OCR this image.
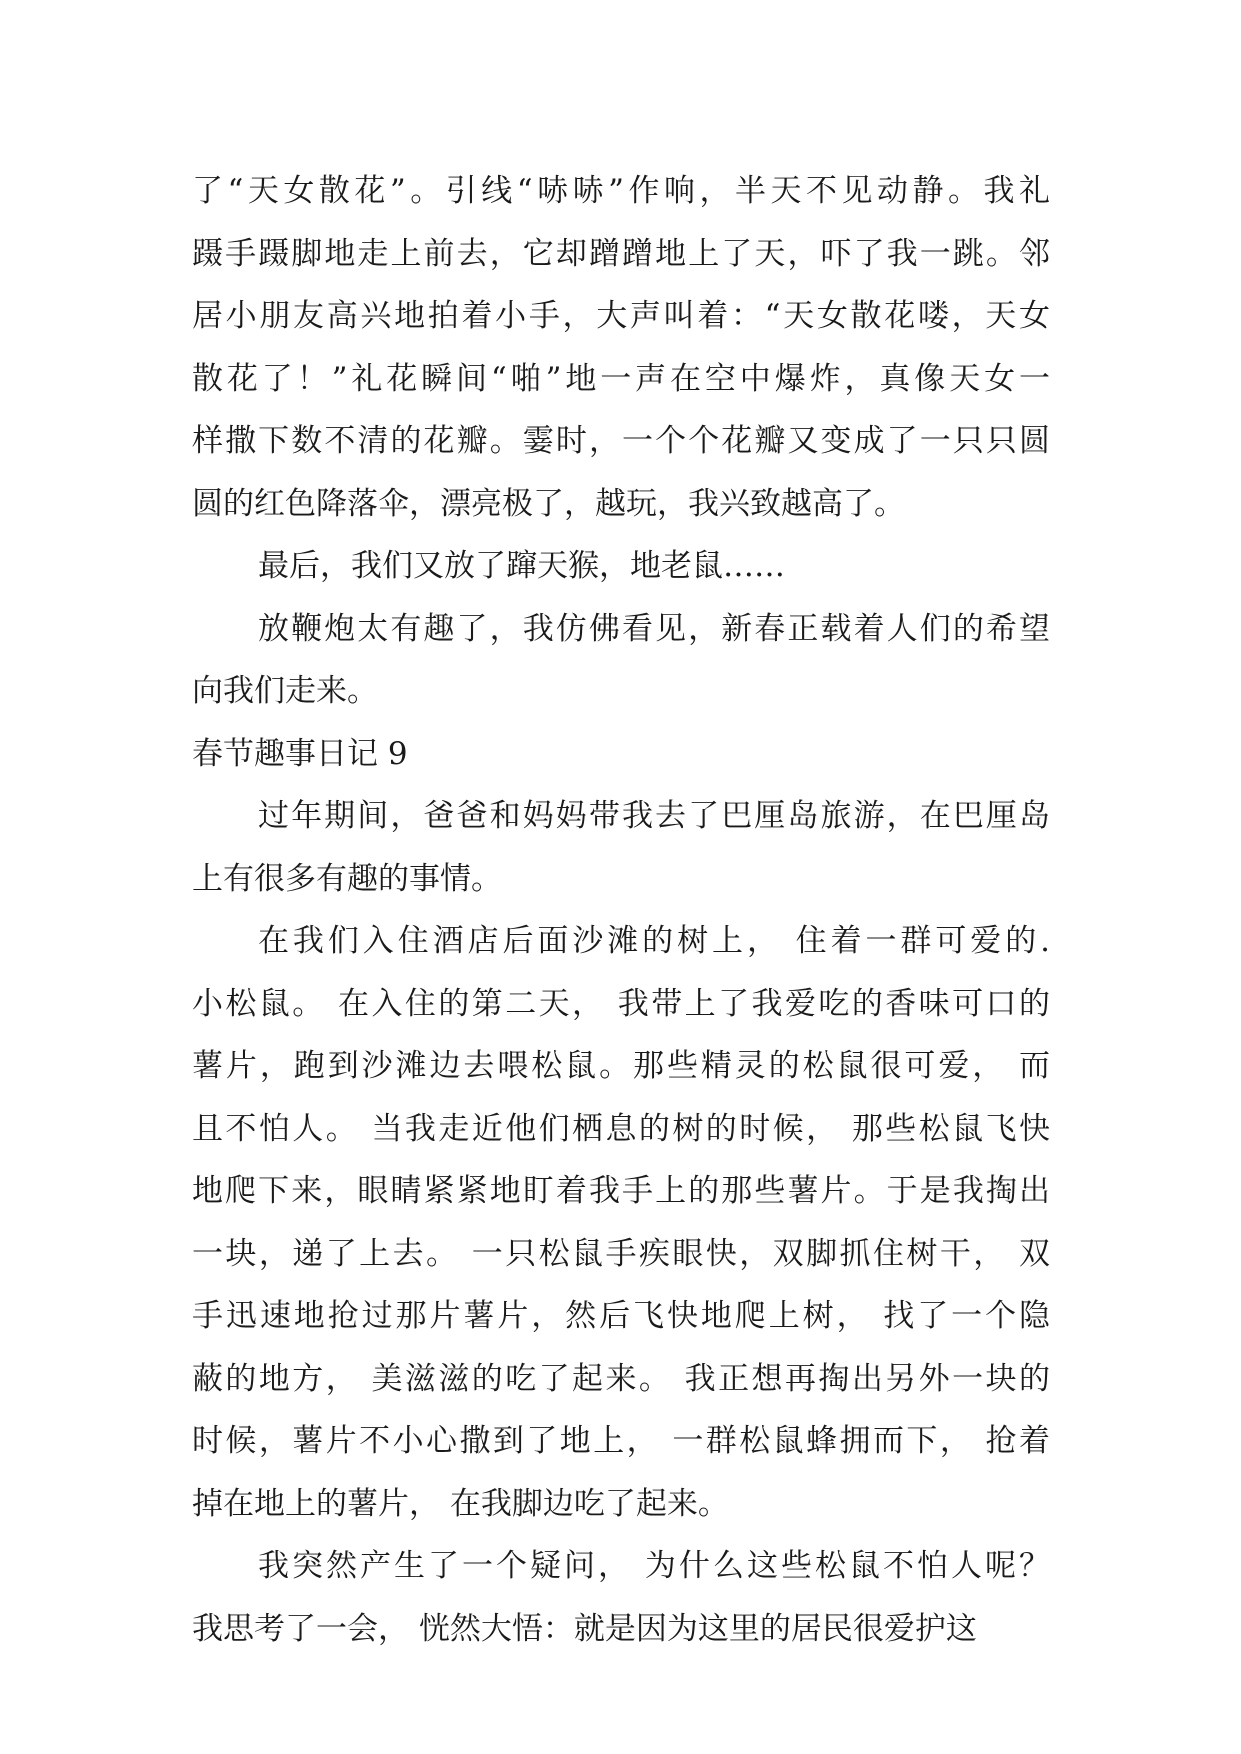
了“天女散花”。引线“哧哧”作响，半天不见动静。我礼
蹑手蹑脚地走上前去，它却蹭蹭地上了天，吓了我一跳。邻
居小朋友高兴地拍着小手，大声叫着：“天女散花喽，天女
散花了！”礼花瞬间“啪”地一声在空中爆炸，真像天女一
样撒下数不清的花瓣。霎时，一个个花瓣又变成了一只只圆
圆的红色降落伞，漂亮极了，越玩，我兴致越高了。
最后，我们又放了蹿天猴，地老鼠……
放鞭炮太有趣了，我仿佛看见，新春正载着人们的希望
向我们走来。
春节趣事日记 9
过年期间，爸爸和妈妈带我去了巴厘岛旅游，在巴厘岛
上有很多有趣的事情。
在我们入住酒店后面沙滩的树上， 住着一群可爱的.
小松鼠。 在入住的第二天， 我带上了我爱吃的香味可口的
薯片，跑到沙滩边去喂松鼠。那些精灵的松鼠很可爱， 而
且不怕人。 当我走近他们栖息的树的时候， 那些松鼠飞快
地爬下来，眼睛紧紧地盯着我手上的那些薯片。于是我掏出
一块，递了上去。 一只松鼠手疾眼快，双脚抓住树干， 双
手迅速地抢过那片薯片，然后飞快地爬上树， 找了一个隐
蔽的地方， 美滋滋的吃了起来。 我正想再掏出另外一块的
时候，薯片不小心撒到了地上， 一群松鼠蜂拥而下， 抢着
掉在地上的薯片， 在我脚边吃了起来。
我突然产生了一个疑问， 为什么这些松鼠不怕人呢？
我思考了一会， 恍然大悟：就是因为这里的居民很爱护这
